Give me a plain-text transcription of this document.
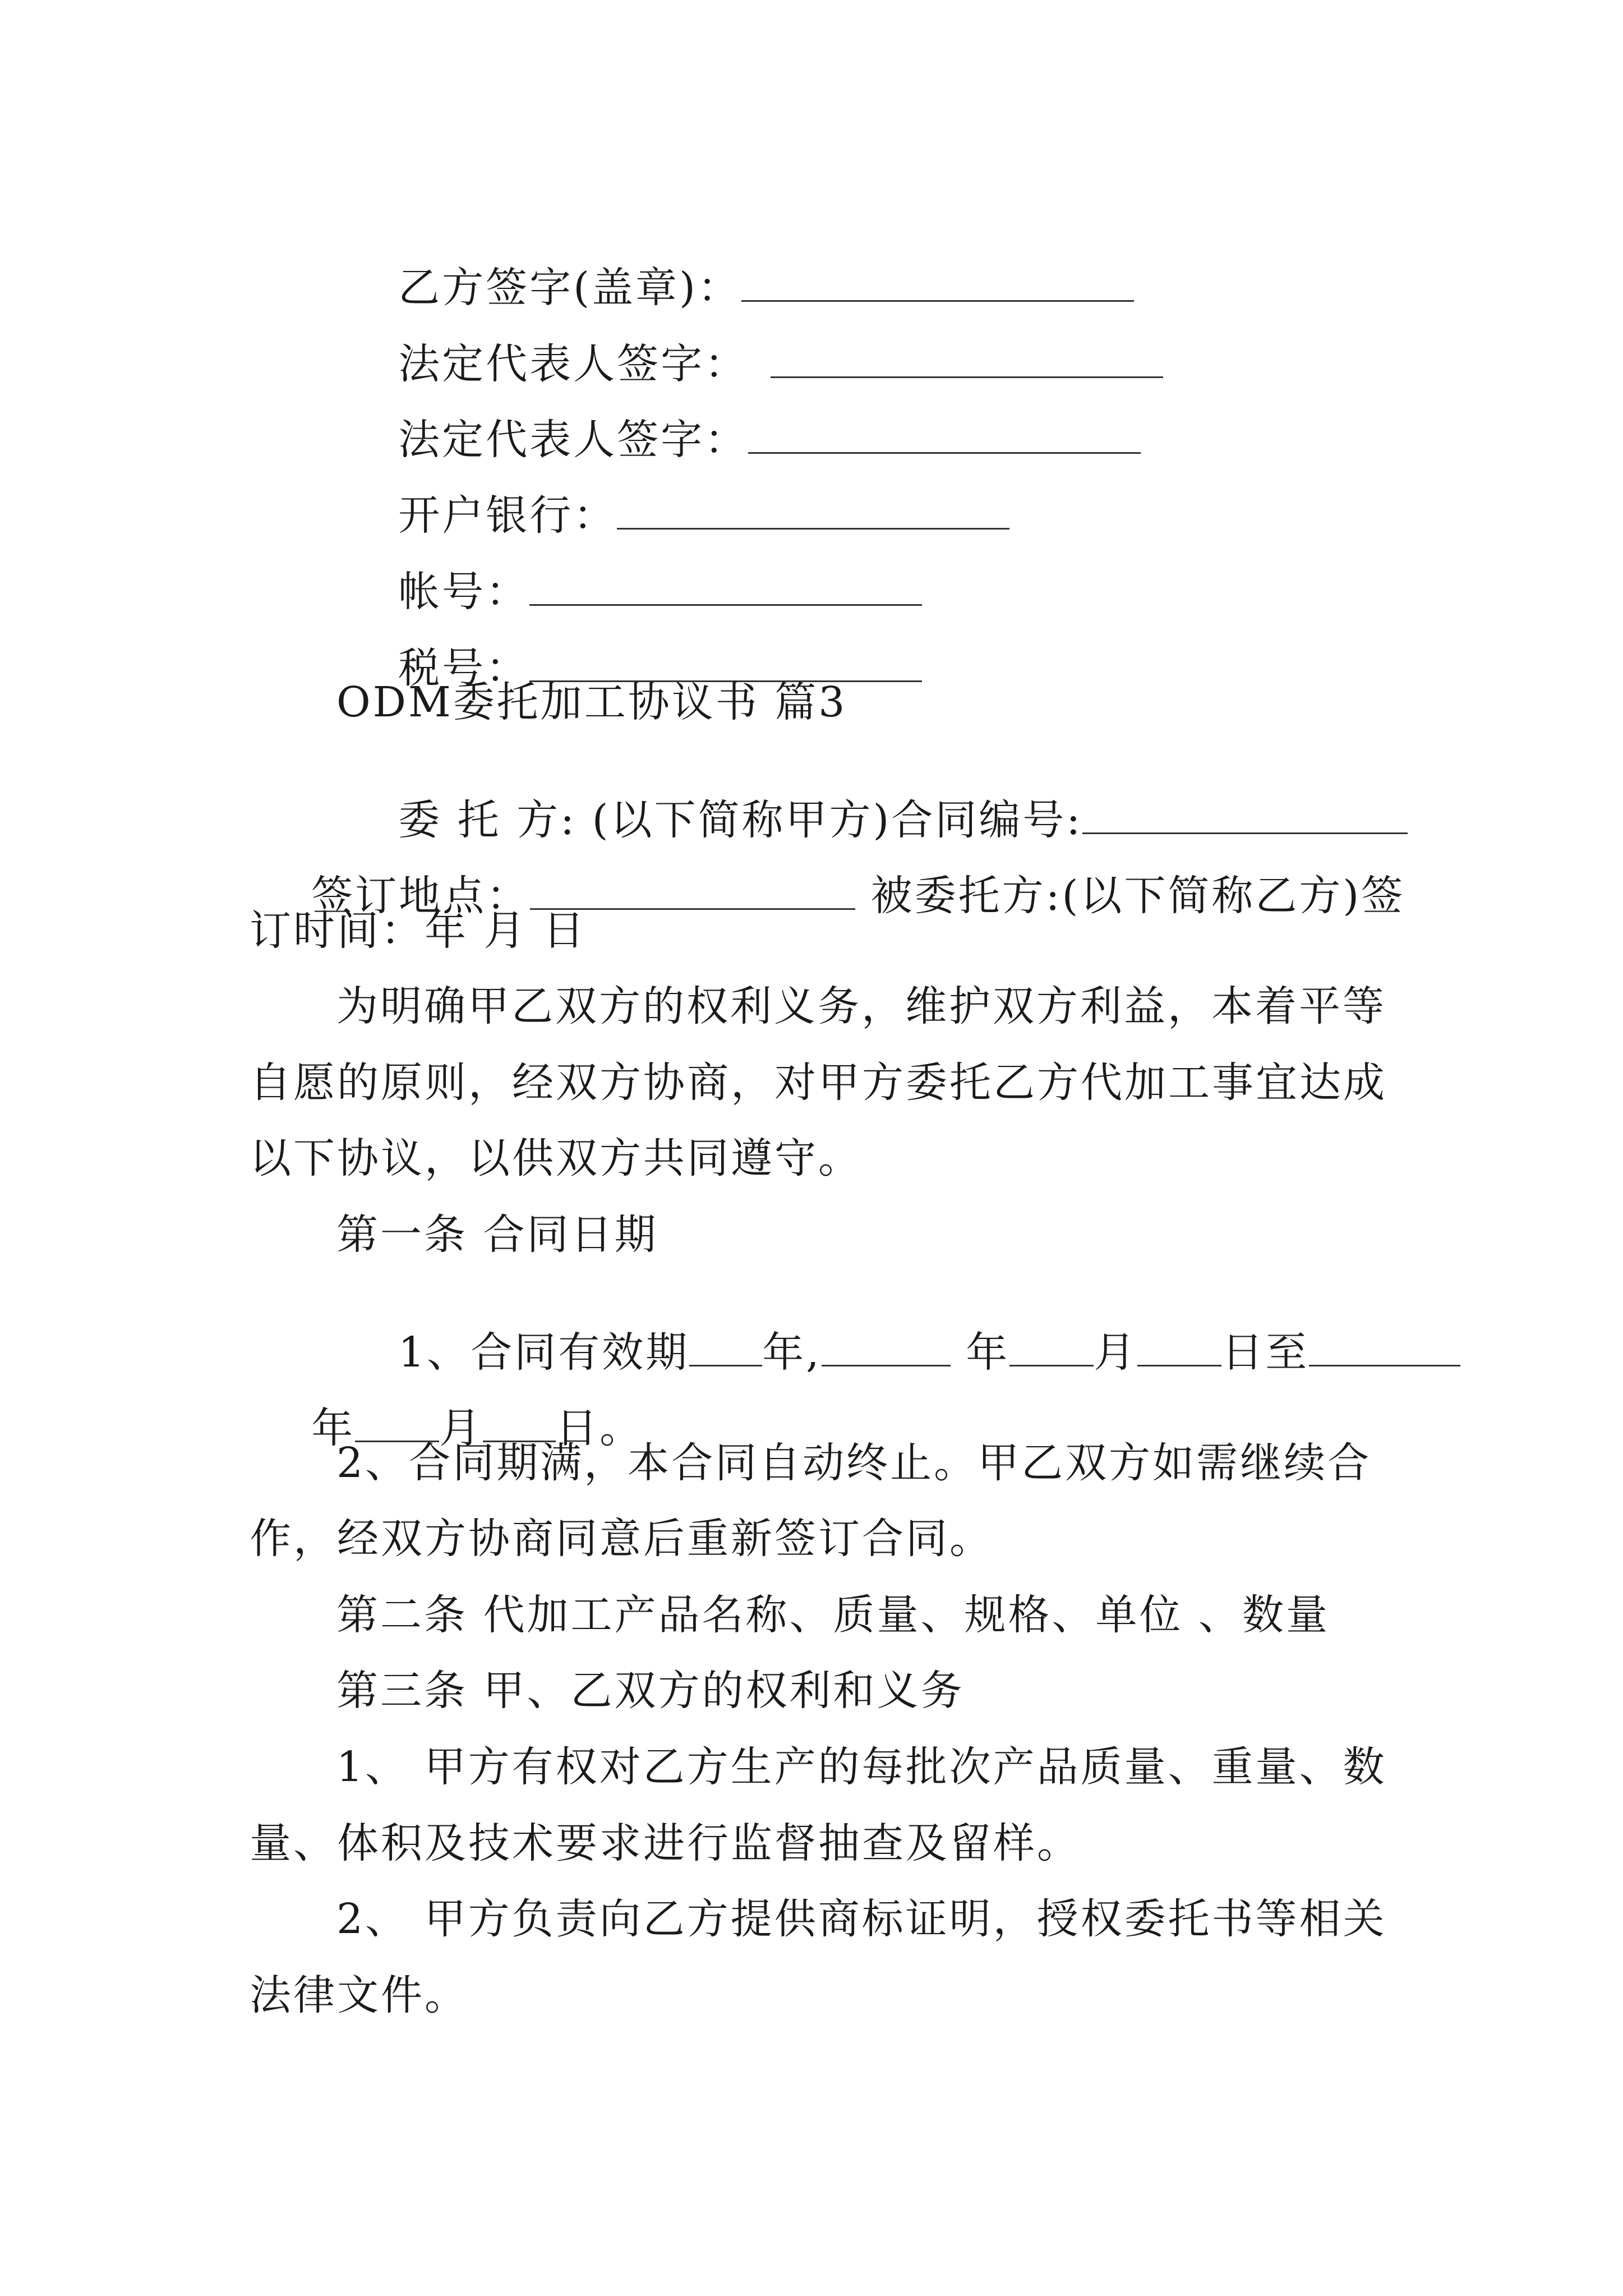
乙方签字(盖章)：

法定代表人签字：

法定代表人签字：

开户银行：

帐号：

税号：

ODM委托加工协议书 篇3

委 托 方: (以下简称甲方)合同编号:

签订地点：	被委托方:(以下简称乙方)签

订时间：年 月 日
为明确甲乙双方的权利义务，维护双方利益，本着平等
自愿的原则，经双方协商，对甲方委托乙方代加工事宜达成
以下协议，以供双方共同遵守。
第一条 合同日期

1、合同有效期 年,	年 月 日至

年 月 日。

2、合同期满，本合同自动终止。甲乙双方如需继续合
作，经双方协商同意后重新签订合同。
第二条 代加工产品名称、质量、规格、单位 、数量
第三条 甲、乙双方的权利和义务
1、 甲方有权对乙方生产的每批次产品质量、重量、数
量、体积及技术要求进行监督抽查及留样。
2、 甲方负责向乙方提供商标证明，授权委托书等相关
法律文件。
